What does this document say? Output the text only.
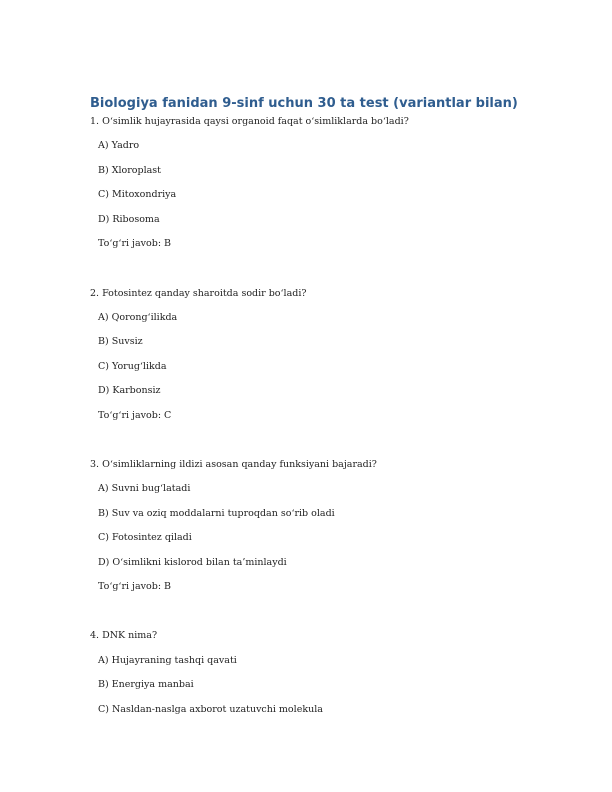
Biologiya fanidan 9-sinf uchun 30 ta test (variantlar bilan)

1. O‘simlik hujayrasida qaysi organoid faqat o‘simliklarda bo‘ladi?

A) Yadro

B) Xloroplast

C) Mitoxondriya

D) Ribosoma

To‘g‘ri javob: B

2. Fotosintez qanday sharoitda sodir bo‘ladi?

A) Qorong‘ilikda

B) Suvsiz

C) Yorug‘likda

D) Karbonsiz

To‘g‘ri javob: C

3. O‘simliklarning ildizi asosan qanday funksiyani bajaradi?

A) Suvni bug‘latadi

B) Suv va oziq moddalarni tuproqdan so‘rib oladi

C) Fotosintez qiladi

D) O‘simlikni kislorod bilan ta’minlaydi

To‘g‘ri javob: B

4. DNK nima?

A) Hujayraning tashqi qavati

B) Energiya manbai

C) Nasldan-naslga axborot uzatuvchi molekula
